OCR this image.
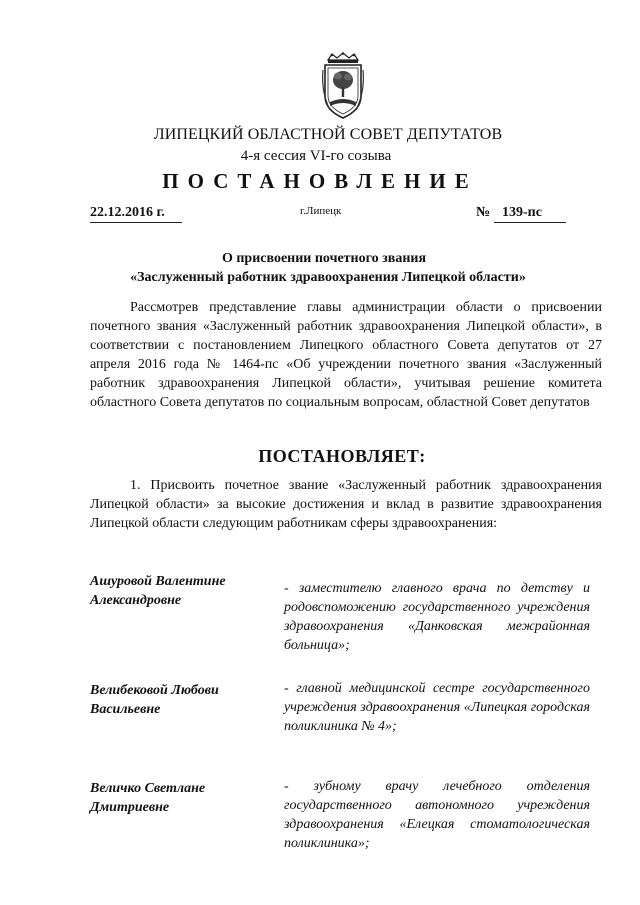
ЛИПЕЦКИЙ ОБЛАСТНОЙ СОВЕТ ДЕПУТАТОВ
4-я сессия VI-го созыва
ПОСТАНОВЛЕНИЕ
22.12.2016 г.	г.Липецк	№ 139-пс
О присвоении почетного звания
«Заслуженный работник здравоохранения Липецкой области»
Рассмотрев представление главы администрации области о присвоении почетного звания «Заслуженный работник здравоохранения Липецкой области», в соответствии с постановлением Липецкого областного Совета депутатов от 27 апреля 2016 года № 1464-пс «Об учреждении почетного звания «Заслуженный работник здравоохранения Липецкой области», учитывая решение комитета областного Совета депутатов по социальным вопросам, областной Совет депутатов
ПОСТАНОВЛЯЕТ:
1. Присвоить почетное звание «Заслуженный работник здравоохранения Липецкой области» за высокие достижения и вклад в развитие здравоохранения Липецкой области следующим работникам сферы здравоохранения:
Ашуровой Валентине Александровне
- заместителю главного врача по детству и родовспоможению государственного учреждения здравоохранения «Данковская межрайонная больница»;
Велибековой Любови Васильевне
- главной медицинской сестре государственного учреждения здравоохранения «Липецкая городская поликлиника № 4»;
Величко Светлане Дмитриевне
- зубному врачу лечебного отделения государственного автономного учреждения здравоохранения «Елецкая стоматологическая поликлиника»;
